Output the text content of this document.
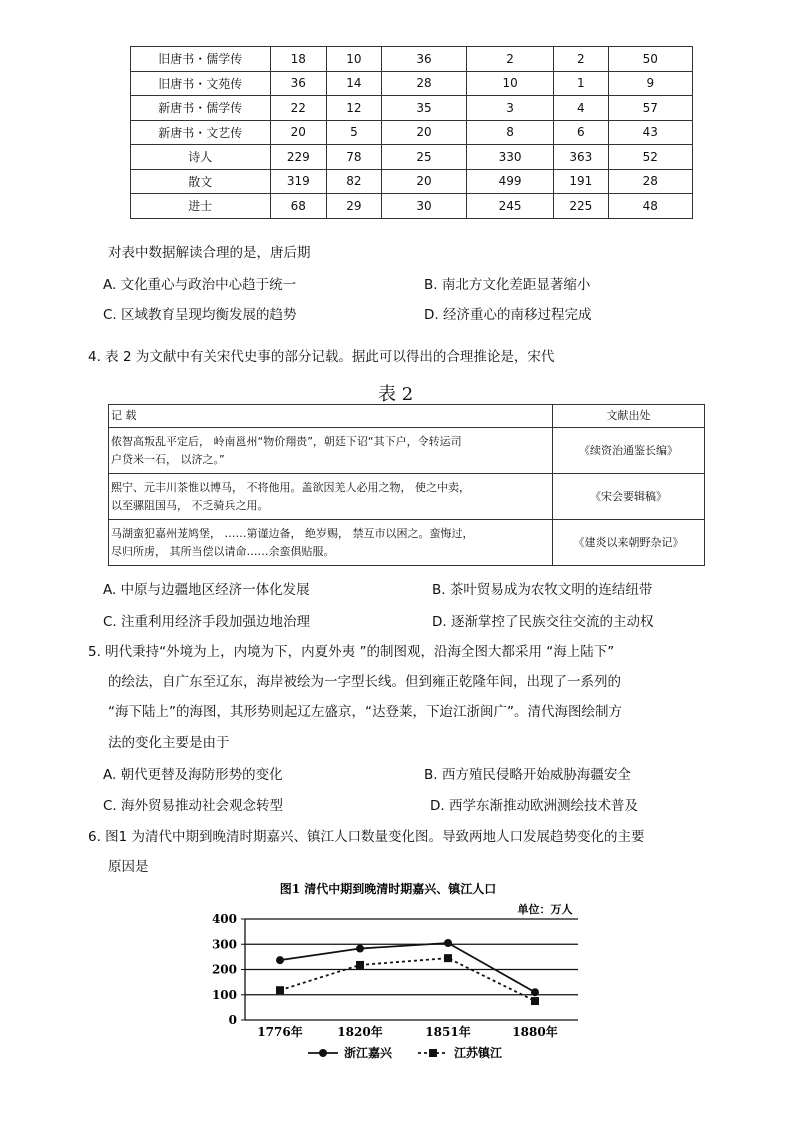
旧唐书・儒学传	18	10	36	2	2	50
旧唐书・文苑传	36	14	28	10	1	9
新唐书・儒学传	22	12	35	3	4	57
新唐书・文艺传	20	5	20	8	6	43
诗人	229	78	25	330	363	52
散文	319	82	20	499	191	28
进士	68	29	30	245	225	48
对表中数据解读合理的是，唐后期
A. 文化重心与政治中心趋于统一	B. 南北方文化差距显著缩小
C. 区域教育呈现均衡发展的趋势	D. 经济重心的南移过程完成
4. 表 2 为文献中有关宋代史事的部分记载。据此可以得出的合理推论是，宋代
表 2
记 载	文献出处

侬智高叛乱平定后， 岭南邕州“物价翔贵”，朝廷下诏“其下户，令转运司
户贷米一石， 以济之。”	《续资治通鉴长编》

熙宁、元丰川茶惟以博马， 不将他用。盖欲因羌人必用之物， 使之中卖，
以至骡阻国马， 不乏骑兵之用。	《宋会要辑稿》

马湖蛮犯嘉州茏鸠堡， ……第谨边备， 绝岁赐， 禁互市以困之。蛮悔过，
尽归所虏， 其所当偿以请命……余蛮俱贴服。	《建炎以来朝野杂记》
A. 中原与边疆地区经济一体化发展	B. 茶叶贸易成为农牧文明的连结纽带
C. 注重利用经济手段加强边地治理	D. 逐渐掌控了民族交往交流的主动权
5. 明代秉持“外境为上，内境为下，内夏外夷 ”的制图观，沿海全图大都采用 “海上陆下”
的绘法，自广东至辽东，海岸被绘为一字型长线。但到雍正乾隆年间，出现了一系列的
“海下陆上”的海图，其形势则起辽左盛京，“达登莱，下迨江浙闽广”。清代海图绘制方
法的变化主要是由于
A. 朝代更替及海防形势的变化	B. 西方殖民侵略开始威胁海疆安全
C. 海外贸易推动社会观念转型	D. 西学东渐推动欧洲测绘技术普及
6. 图1 为清代中期到晚清时期嘉兴、镇江人口数量变化图。导致两地人口发展趋势变化的主要
原因是
图1 清代中期到晚清时期嘉兴、镇江人口
单位：万人
400
300
200
100
0
1776年	1820年	1851年	1880年
浙江嘉兴	江苏镇江
